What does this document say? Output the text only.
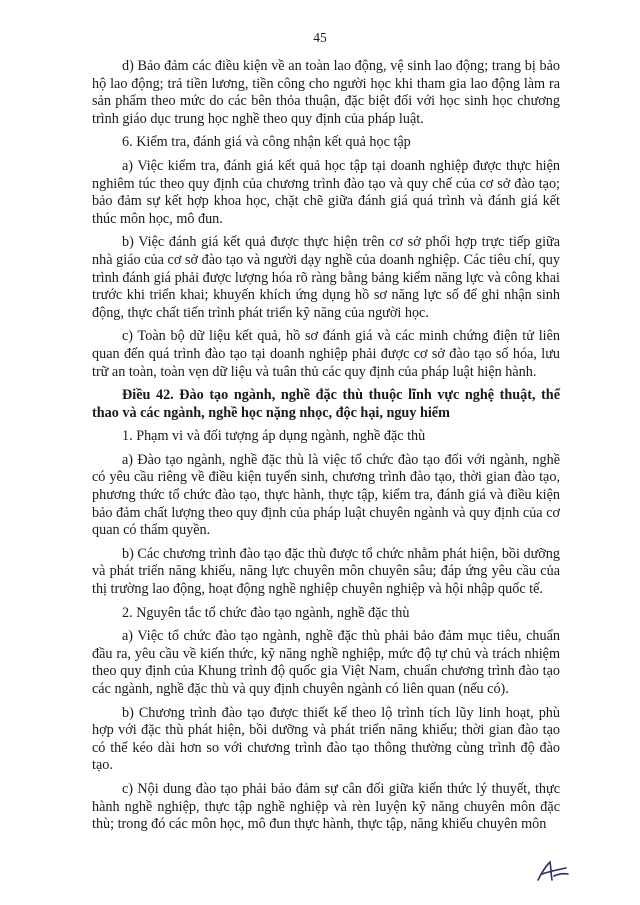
45

d) Bảo đảm các điều kiện về an toàn lao động, vệ sinh lao động; trang bị bảo hộ lao động; trả tiền lương, tiền công cho người học khi tham gia lao động làm ra sản phẩm theo mức do các bên thỏa thuận, đặc biệt đối với học sinh học chương trình giáo dục trung học nghề theo quy định của pháp luật.

6. Kiểm tra, đánh giá và công nhận kết quả học tập

a) Việc kiểm tra, đánh giá kết quả học tập tại doanh nghiệp được thực hiện nghiêm túc theo quy định của chương trình đào tạo và quy chế của cơ sở đào tạo; bảo đảm sự kết hợp khoa học, chặt chẽ giữa đánh giá quá trình và đánh giá kết thúc môn học, mô đun.

b) Việc đánh giá kết quả được thực hiện trên cơ sở phối hợp trực tiếp giữa nhà giáo của cơ sở đào tạo và người dạy nghề của doanh nghiệp. Các tiêu chí, quy trình đánh giá phải được lượng hóa rõ ràng bằng bảng kiểm năng lực và công khai trước khi triển khai; khuyến khích ứng dụng hồ sơ năng lực số để ghi nhận sinh động, thực chất tiến trình phát triển kỹ năng của người học.

c) Toàn bộ dữ liệu kết quả, hồ sơ đánh giá và các minh chứng điện tử liên quan đến quá trình đào tạo tại doanh nghiệp phải được cơ sở đào tạo số hóa, lưu trữ an toàn, toàn vẹn dữ liệu và tuân thủ các quy định của pháp luật hiện hành.

Điều 42. Đào tạo ngành, nghề đặc thù thuộc lĩnh vực nghệ thuật, thể thao và các ngành, nghề học nặng nhọc, độc hại, nguy hiểm

1. Phạm vi và đối tượng áp dụng ngành, nghề đặc thù

a) Đào tạo ngành, nghề đặc thù là việc tổ chức đào tạo đối với ngành, nghề có yêu cầu riêng về điều kiện tuyển sinh, chương trình đào tạo, thời gian đào tạo, phương thức tổ chức đào tạo, thực hành, thực tập, kiểm tra, đánh giá và điều kiện bảo đảm chất lượng theo quy định của pháp luật chuyên ngành và quy định của cơ quan có thẩm quyền.

b) Các chương trình đào tạo đặc thù được tổ chức nhằm phát hiện, bồi dưỡng và phát triển năng khiếu, năng lực chuyên môn chuyên sâu; đáp ứng yêu cầu của thị trường lao động, hoạt động nghề nghiệp chuyên nghiệp và hội nhập quốc tế.

2. Nguyên tắc tổ chức đào tạo ngành, nghề đặc thù

a) Việc tổ chức đào tạo ngành, nghề đặc thù phải bảo đảm mục tiêu, chuẩn đầu ra, yêu cầu về kiến thức, kỹ năng nghề nghiệp, mức độ tự chủ và trách nhiệm theo quy định của Khung trình độ quốc gia Việt Nam, chuẩn chương trình đào tạo các ngành, nghề đặc thù và quy định chuyên ngành có liên quan (nếu có).

b) Chương trình đào tạo được thiết kế theo lộ trình tích lũy linh hoạt, phù hợp với đặc thù phát hiện, bồi dưỡng và phát triển năng khiếu; thời gian đào tạo có thể kéo dài hơn so với chương trình đào tạo thông thường cùng trình độ đào tạo.

c) Nội dung đào tạo phải bảo đảm sự cân đối giữa kiến thức lý thuyết, thực hành nghề nghiệp, thực tập nghề nghiệp và rèn luyện kỹ năng chuyên môn đặc thù; trong đó các môn học, mô đun thực hành, thực tập, năng khiếu chuyên môn
